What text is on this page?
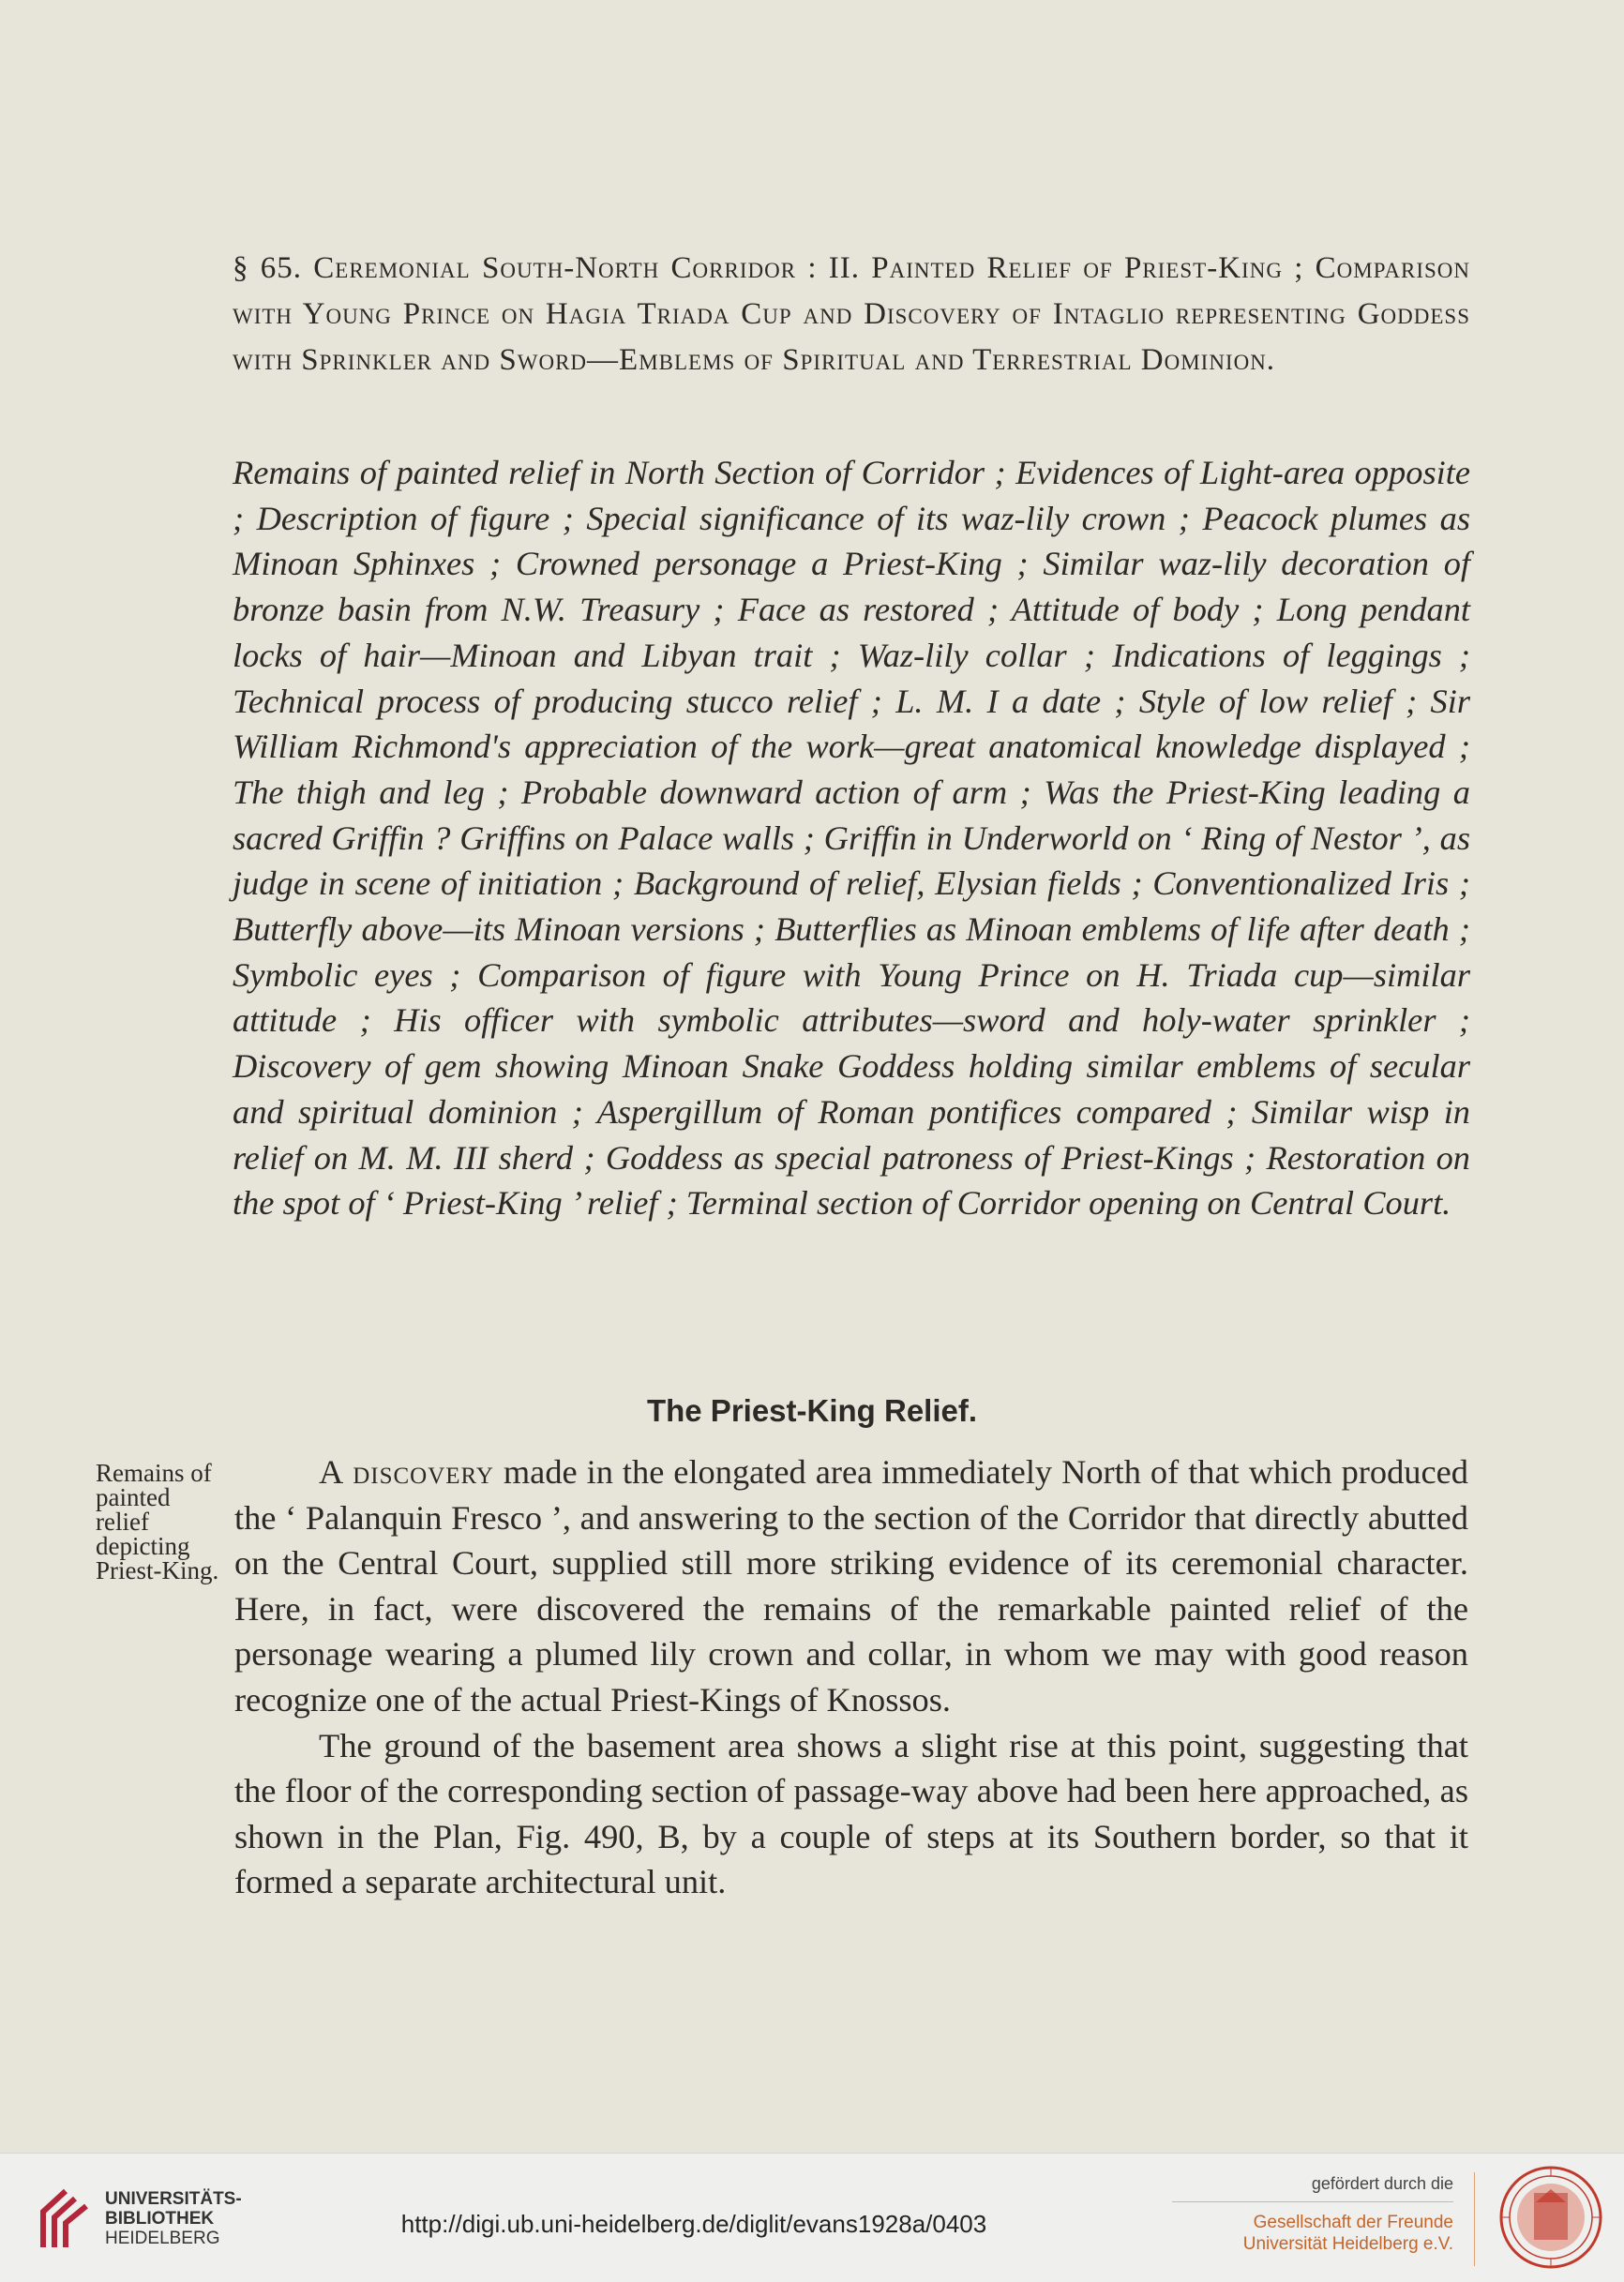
§ 65. Ceremonial South-North Corridor : II. Painted Relief of Priest-King ; Comparison with Young Prince on Hagia Triada Cup and Discovery of Intaglio representing Goddess with Sprinkler and Sword—Emblems of Spiritual and Terrestrial Dominion.
Remains of painted relief in North Section of Corridor ; Evidences of Light-area opposite ; Description of figure ; Special significance of its waz-lily crown ; Peacock plumes as Minoan Sphinxes ; Crowned personage a Priest-King ; Similar waz-lily decoration of bronze basin from N.W. Treasury ; Face as restored ; Attitude of body ; Long pendant locks of hair—Minoan and Libyan trait ; Waz-lily collar ; Indications of leggings ; Technical process of producing stucco relief ; L. M. I a date ; Style of low relief ; Sir William Richmond's appreciation of the work—great anatomical knowledge displayed ; The thigh and leg ; Probable downward action of arm ; Was the Priest-King leading a sacred Griffin ? Griffins on Palace walls ; Griffin in Underworld on ‘ Ring of Nestor ’, as judge in scene of initiation ; Background of relief, Elysian fields ; Conventionalized Iris ; Butterfly above—its Minoan versions ; Butterflies as Minoan emblems of life after death ; Symbolic eyes ; Comparison of figure with Young Prince on H. Triada cup—similar attitude ; His officer with symbolic attributes—sword and holy-water sprinkler ; Discovery of gem showing Minoan Snake Goddess holding similar emblems of secular and spiritual dominion ; Aspergillum of Roman pontifices compared ; Similar wisp in relief on M. M. III sherd ; Goddess as special patroness of Priest-Kings ; Restoration on the spot of ‘ Priest-King ’ relief ; Terminal section of Corridor opening on Central Court.
The Priest-King Relief.
Remains of painted relief depicting Priest-King.

A discovery made in the elongated area immediately North of that which produced the ‘ Palanquin Fresco ’, and answering to the section of the Corridor that directly abutted on the Central Court, supplied still more striking evidence of its ceremonial character. Here, in fact, were discovered the remains of the remarkable painted relief of the personage wearing a plumed lily crown and collar, in whom we may with good reason recognize one of the actual Priest-Kings of Knossos.

The ground of the basement area shows a slight rise at this point, suggesting that the floor of the corresponding section of passage-way above had been here approached, as shown in the Plan, Fig. 490, B, by a couple of steps at its Southern border, so that it formed a separate architectural unit.

UNIVERSITÄTS-
BIBLIOTHEK
HEIDELBERG
http://digi.ub.uni-heidelberg.de/diglit/evans1928a/0403
gefördert durch die
Gesellschaft der Freunde
Universität Heidelberg e.V.
